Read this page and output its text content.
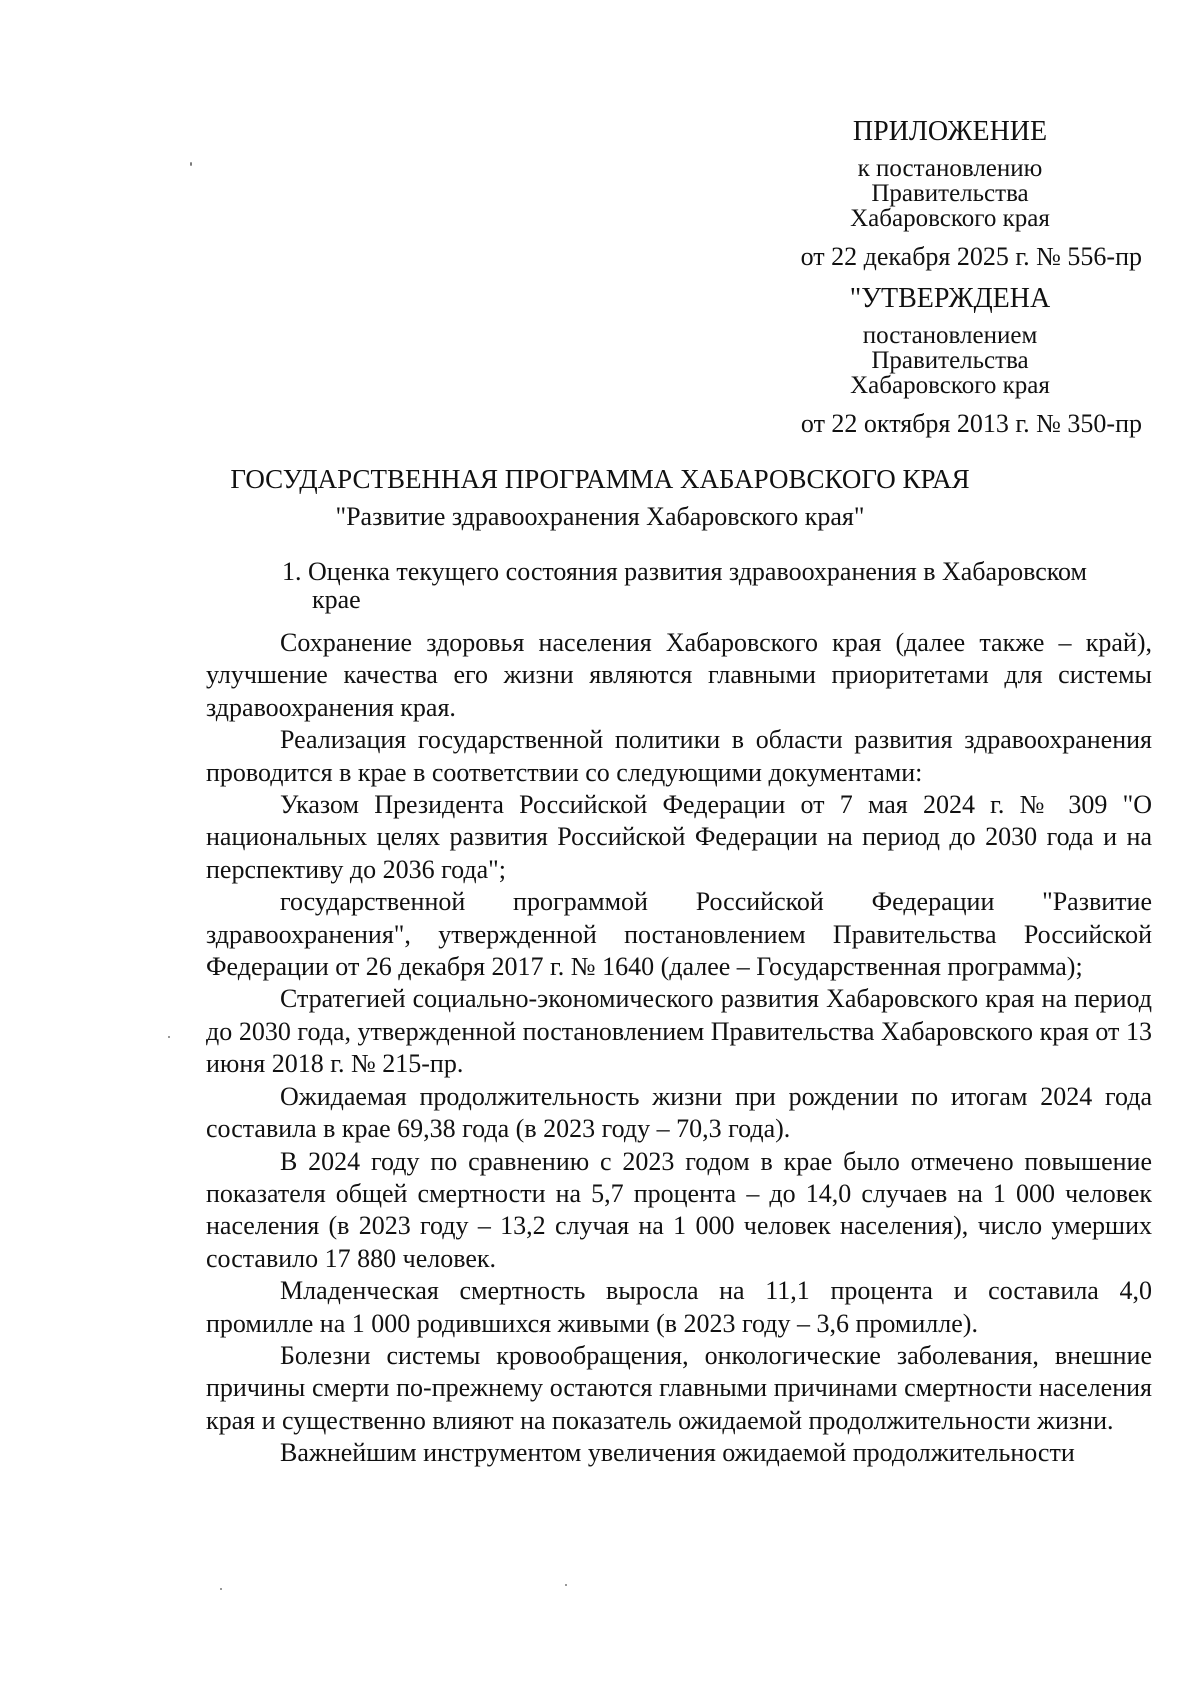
ПРИЛОЖЕНИЕ
к постановлению
Правительства
Хабаровского края
от 22 декабря 2025 г. № 556-пр
"УТВЕРЖДЕНА
постановлением
Правительства
Хабаровского края
от 22 октября 2013 г. № 350-пр
ГОСУДАРСТВЕННАЯ ПРОГРАММА ХАБАРОВСКОГО КРАЯ
"Развитие здравоохранения Хабаровского края"
1. Оценка текущего состояния развития здравоохранения в Хабаровском
крае

Сохранение здоровья населения Хабаровского края (далее также – край), улучшение качества его жизни являются главными приоритетами для системы здравоохранения края.

Реализация государственной политики в области развития здравоохранения проводится в крае в соответствии со следующими документами:

Указом Президента Российской Федерации от 7 мая 2024 г. № 309 "О национальных целях развития Российской Федерации на период до 2030 года и на перспективу до 2036 года";

государственной программой Российской Федерации "Развитие здравоохранения", утвержденной постановлением Правительства Российской Федерации от 26 декабря 2017 г. № 1640 (далее – Государственная программа);

Стратегией социально-экономического развития Хабаровского края на период до 2030 года, утвержденной постановлением Правительства Хабаровского края от 13 июня 2018 г. № 215-пр.

Ожидаемая продолжительность жизни при рождении по итогам 2024 года составила в крае 69,38 года (в 2023 году – 70,3 года).

В 2024 году по сравнению с 2023 годом в крае было отмечено повышение показателя общей смертности на 5,7 процента – до 14,0 случаев на 1 000 человек населения (в 2023 году – 13,2 случая на 1 000 человек населения), число умерших составило 17 880 человек.

Младенческая смертность выросла на 11,1 процента и составила 4,0 промилле на 1 000 родившихся живыми (в 2023 году – 3,6 промилле).

Болезни системы кровообращения, онкологические заболевания, внешние причины смерти по-прежнему остаются главными причинами смертности населения края и существенно влияют на показатель ожидаемой продолжительности жизни.

Важнейшим инструментом увеличения ожидаемой продолжительности
